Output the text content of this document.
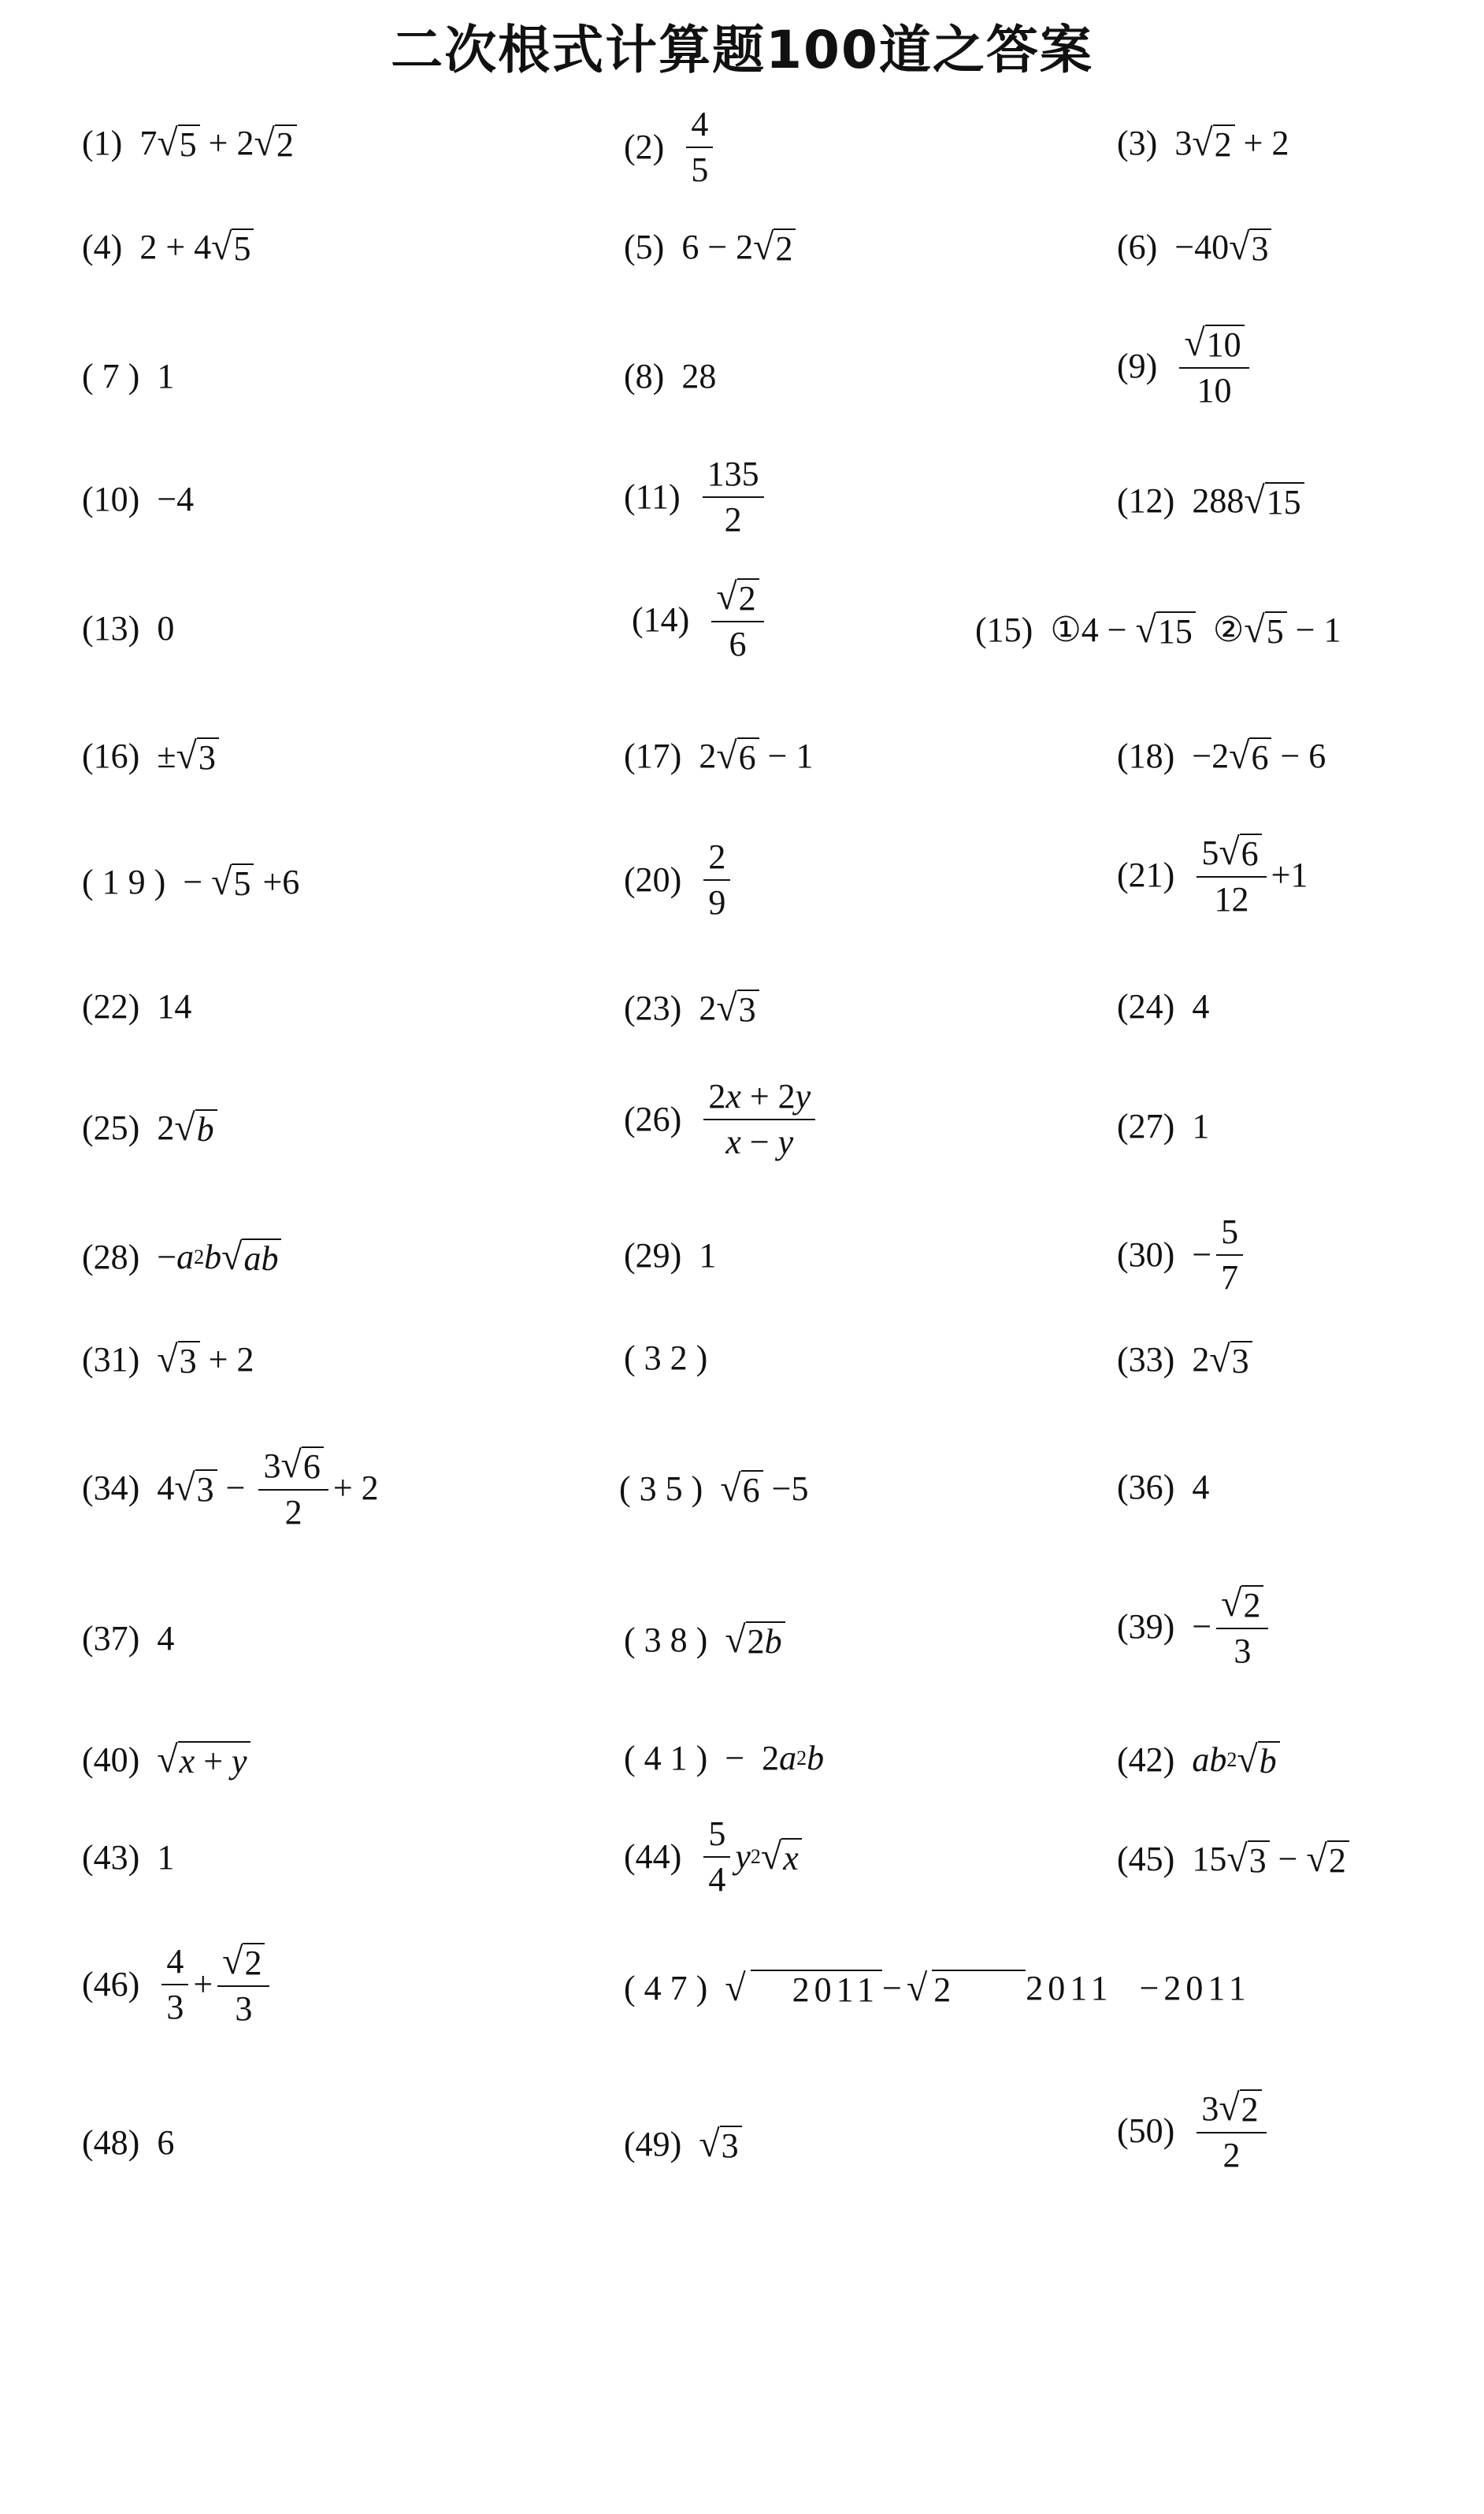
二次根式计算题100道之答案
(1) 7 √ 5 + 2 √ 2	$(2) \frac{4}{5}$	(3) 3 √ 2 + 2
(4) 2 + 4 √ 5	(5) 6 − 2 √ 2	(6) −40 √ 3
( 7 ) 1	(8) 28	$(9) \frac{√ 10}{10}$
(10) −4	$(11) \frac{135}{2}$	(12) 288 √ 15
(13) 0	$(14) \frac{√ 2}{6}$	(15) ①4 − √ 15 ② √ 5 − 1
(16) ± √ 3	(17) 2 √ 6 − 1	(18) −2 √ 6 − 6
( 1 9 ) − √ 5 +6	$(20) \frac{2}{9}$	$(21) \frac{5 √ 6}{12} +1$
(22) 14	(23) 2 √ 3	(24) 4
(25) 2 √ b	$(26) \frac{2x + 2y}{x - y}$	(27) 1
(28) − a 2 b √ ab	(29) 1	$(30) - \frac{5}{7}$
(31) √ 3 + 2	( 3 2 )	(33) 2 √ 3
(34) 4 √ $3 - \frac{3 √ 6}{2} + 2$	( 3 5 ) √ 6 −5	(36) 4
(37) 4	( 3 8 ) √ 2b	$(39) - \frac{√ 2}{3}$
(40) √ x + y	( 4 1 ) −  2 a 2 b	(42) ab 2 √ b
(43) 1	$(44) \frac{5}{4}$ y 2 √ x	(45) 15 √ 3 − √ 2
$(46) \frac{4}{3} + \frac{√ 2}{3}$	( 4 7 ) √ 2011 − √ 2 2011  −2011
(48) 6	(49) √ 3	$(50) \frac{3 √ 2}{2}$
